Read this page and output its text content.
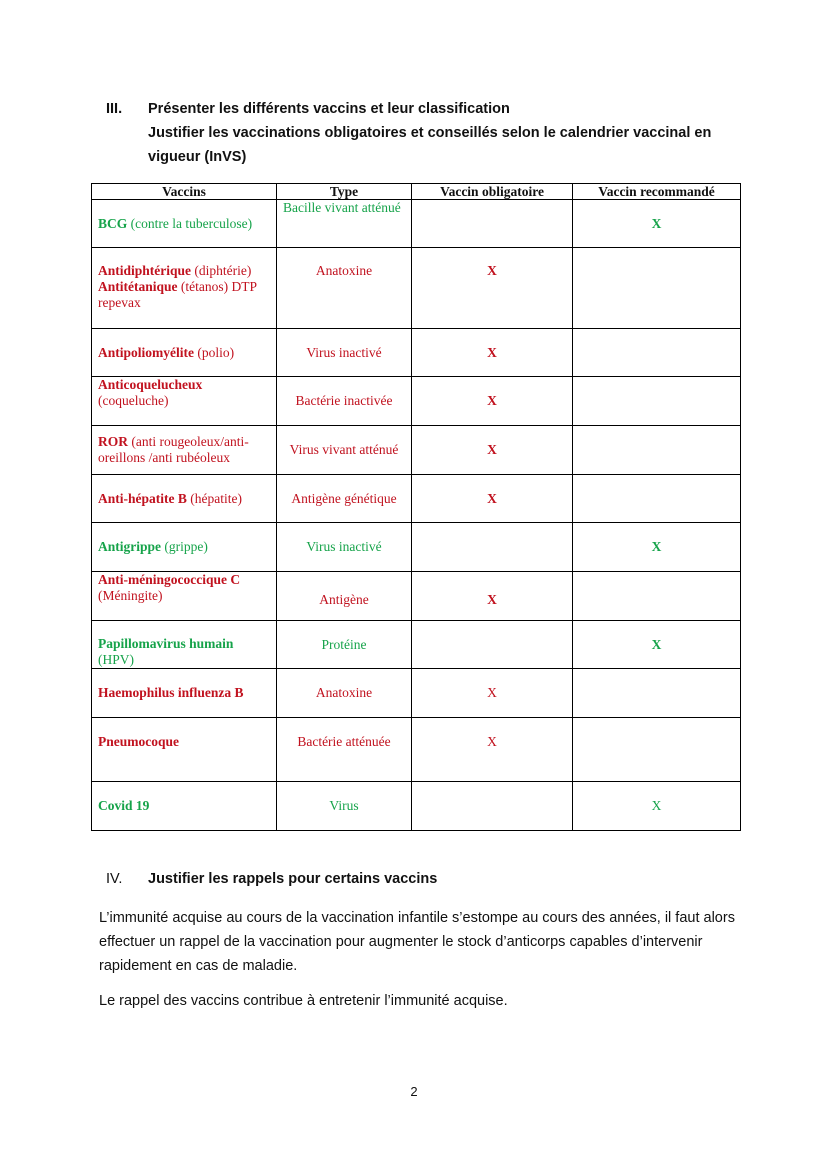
III. Présenter les différents vaccins et leur classification
Justifier les vaccinations obligatoires et conseillés selon le calendrier vaccinal en
vigueur (InVS)
Vaccins	Type	Vaccin obligatoire	Vaccin recommandé
BCG (contre la tuberculose)	Bacille vivant atténué		X
Antidiphtérique (diphtérie)
Antitétanique (tétanos) DTP repevax	Anatoxine	X	
Antipoliomyélite (polio)	Virus inactivé	X	
Anticoquelucheux (coqueluche)	Bactérie inactivée	X	
ROR (anti rougeoleux/anti-oreillons /anti rubéoleux	Virus vivant atténué	X	
Anti-hépatite B (hépatite)	Antigène génétique	X	
Antigrippe (grippe)	Virus inactivé		X
Anti-méningococcique C
(Méningite)	Antigène	X	
Papillomavirus humain (HPV)	Protéine		X
Haemophilus influenza B	Anatoxine	X	
Pneumocoque	Bactérie atténuée	X	
Covid 19	Virus		X
IV. Justifier les rappels pour certains vaccins
L’immunité acquise au cours de la vaccination infantile s’estompe au cours des années, il faut alors effectuer un rappel de la vaccination pour augmenter le stock d’anticorps capables d’intervenir rapidement en cas de maladie.
Le rappel des vaccins contribue à entretenir l’immunité acquise.
2
